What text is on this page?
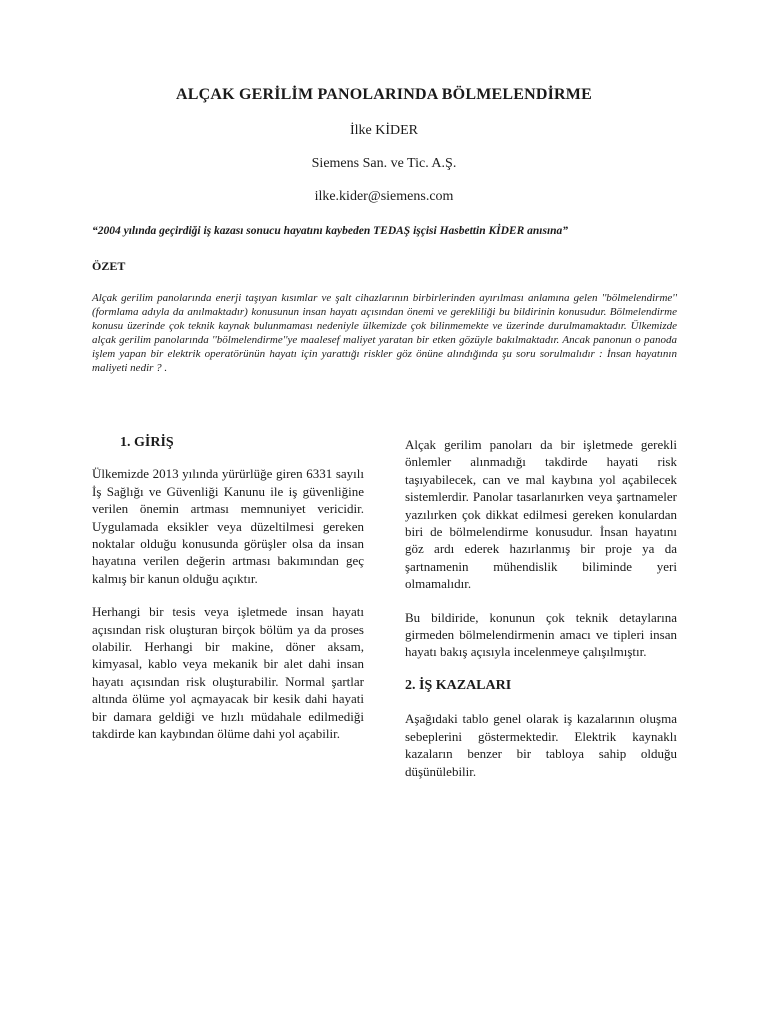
ALÇAK GERİLİM PANOLARINDA BÖLMELENDİRME
İlke KİDER
Siemens San. ve Tic. A.Ş.
ilke.kider@siemens.com
“2004 yılında geçirdiği iş kazası sonucu hayatını kaybeden TEDAŞ işçisi Hasbettin KİDER anısına”
ÖZET
Alçak gerilim panolarında enerji taşıyan kısımlar ve şalt cihazlarının birbirlerinden ayırılması anlamına gelen ''bölmelendirme'' (formlama adıyla da anılmaktadır) konusunun insan hayatı açısından önemi ve gerekliliği bu bildirinin konusudur. Bölmelendirme konusu üzerinde çok teknik kaynak bulunmaması nedeniyle ülkemizde çok bilinmemekte ve üzerinde durulmamaktadır. Ülkemizde alçak gerilim panolarında ''bölmelendirme''ye maalesef maliyet yaratan bir etken gözüyle bakılmaktadır. Ancak panonun o panoda işlem yapan bir elektrik operatörünün hayatı için yarattığı riskler göz önüne alındığında şu soru sorulmalıdır : İnsan hayatının maliyeti nedir ? .
1. GİRİŞ

Ülkemizde 2013 yılında yürürlüğe giren 6331 sayılı İş Sağlığı ve Güvenliği Kanunu ile iş güvenliğine verilen önemin artması memnuniyet vericidir. Uygulamada eksikler veya düzeltilmesi gereken noktalar olduğu konusunda görüşler olsa da insan hayatına verilen değerin artması bakımından geç kalmış bir kanun olduğu açıktır.

Herhangi bir tesis veya işletmede insan hayatı açısından risk oluşturan birçok bölüm ya da proses olabilir. Herhangi bir makine, döner aksam, kimyasal, kablo veya mekanik bir alet dahi insan hayatı açısından risk oluşturabilir. Normal şartlar altında ölüme yol açmayacak bir kesik dahi hayati bir damara geldiği ve hızlı müdahale edilmediği takdirde kan kaybından ölüme dahi yol açabilir.

Alçak gerilim panoları da bir işletmede gerekli önlemler alınmadığı takdirde hayati risk taşıyabilecek, can ve mal kaybına yol açabilecek sistemlerdir. Panolar tasarlanırken veya şartnameler yazılırken çok dikkat edilmesi gereken konulardan biri de bölmelendirme konusudur. İnsan hayatını göz ardı ederek hazırlanmış bir proje ya da şartnamenin mühendislik biliminde yeri olmamalıdır.

Bu bildiride, konunun çok teknik detaylarına girmeden bölmelendirmenin amacı ve tipleri insan hayatı bakış açısıyla incelenmeye çalışılmıştır.

2. İŞ KAZALARI

Aşağıdaki tablo genel olarak iş kazalarının oluşma sebeplerini göstermektedir. Elektrik kaynaklı kazaların benzer bir tabloya sahip olduğu düşünülebilir.
